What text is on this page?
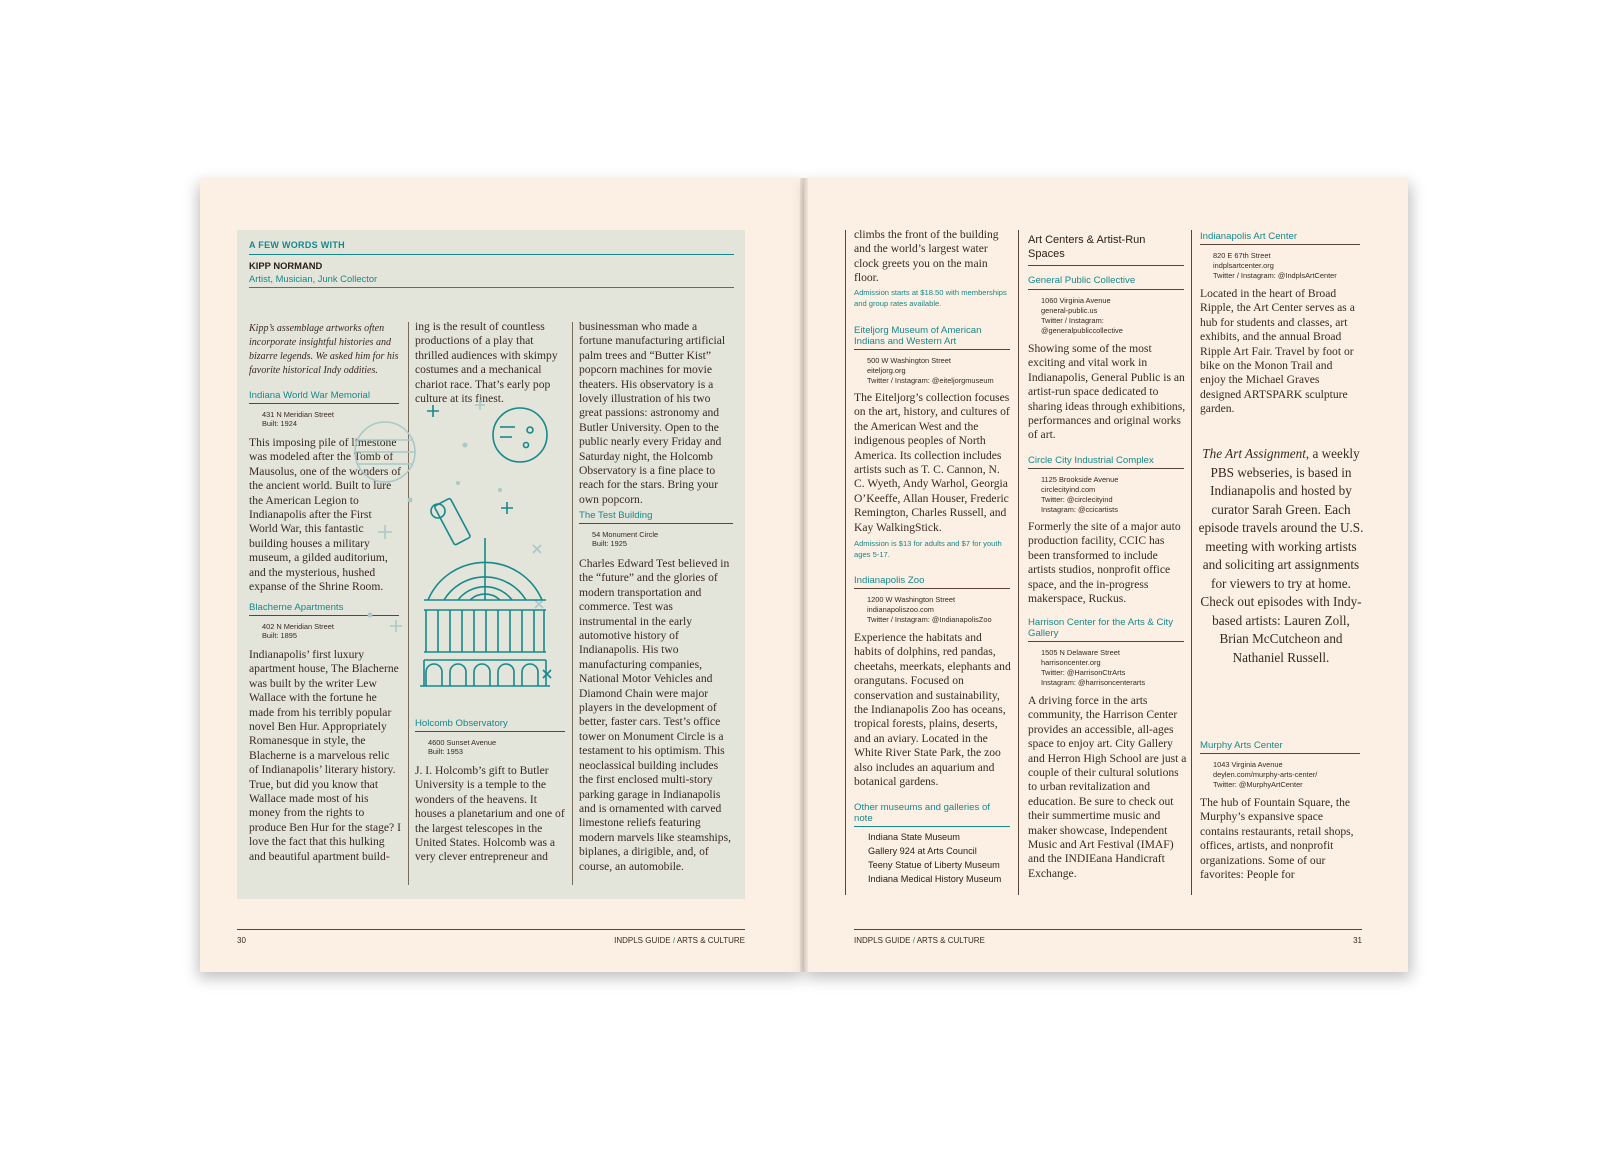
A FEW WORDS WITH
KIPP NORMAND
Artist, Musician, Junk Collector
Kipp’s assemblage artworks often incorporate insightful histories and bizarre legends. We asked him for his favorite historical Indy oddities.
Indiana World War Memorial
431 N Meridian Street
Built: 1924
This imposing pile of limestone was modeled after the Tomb of Mausolus, one of the wonders of the ancient world. Built to lure the American Legion to Indianapolis after the First World War, this fantastic building houses a military museum, a gilded auditorium, and the mysterious, hushed expanse of the Shrine Room.
Blacherne Apartments
402 N Meridian Street
Built: 1895
Indianapolis’ first luxury apartment house, The Blacherne was built by the writer Lew Wallace with the fortune he made from his terribly popular novel Ben Hur. Appropriately Romanesque in style, the Blacherne is a marvelous relic of Indianapolis’ literary history. True, but did you know that Wallace made most of his money from the rights to produce Ben Hur for the stage? I love the fact that this hulking and beautiful apartment build-
ing is the result of countless productions of a play that thrilled audiences with skimpy costumes and a mechanical chariot race. That’s early pop culture at its finest.
Holcomb Observatory
4600 Sunset Avenue
Built: 1953
J. I. Holcomb’s gift to Butler University is a temple to the wonders of the heavens. It houses a planetarium and one of the largest telescopes in the United States. Holcomb was a very clever entrepreneur and
businessman who made a fortune manufacturing artificial palm trees and “Butter Kist” popcorn machines for movie theaters. His observatory is a lovely illustration of his two great passions: astronomy and Butler University. Open to the public nearly every Friday and Saturday night, the Holcomb Observatory is a fine place to reach for the stars. Bring your own popcorn.
The Test Building
54 Monument Circle
Built: 1925
Charles Edward Test believed in the “future” and the glories of modern transportation and commerce. Test was instrumental in the early automotive history of Indianapolis. His two manufacturing companies, National Motor Vehicles and Diamond Chain were major players in the development of better, faster cars. Test’s office tower on Monument Circle is a testament to his optimism. This neoclassical building includes the first enclosed multi-story parking garage in Indianapolis and is ornamented with carved limestone reliefs featuring modern marvels like steamships, biplanes, a dirigible, and, of course, an automobile.
30	INDPLS GUIDE / ARTS & CULTURE
climbs the front of the building and the world’s largest water clock greets you on the main floor.
Admission starts at $18.50 with memberships and group rates available.
Eiteljorg Museum of American Indians and Western Art
500 W Washington Street
eiteljorg.org
Twitter / Instagram: @eiteljorgmuseum
The Eiteljorg’s collection focuses on the art, history, and cultures of the American West and the indigenous peoples of North America. Its collection includes artists such as T. C. Cannon, N. C. Wyeth, Andy Warhol, Georgia O’Keeffe, Allan Houser, Frederic Remington, Charles Russell, and Kay WalkingStick.
Admission is $13 for adults and $7 for youth ages 5-17.
Indianapolis Zoo
1200 W Washington Street
indianapoliszoo.com
Twitter / Instagram: @IndianapolisZoo
Experience the habitats and habits of dolphins, red pandas, cheetahs, meerkats, elephants and orangutans. Focused on conservation and sustainability, the Indianapolis Zoo has oceans, tropical forests, plains, deserts, and an aviary. Located in the White River State Park, the zoo also includes an aquarium and botanical gardens.
Other museums and galleries of note
Indiana State Museum
Gallery 924 at Arts Council
Teeny Statue of Liberty Museum
Indiana Medical History Museum
Art Centers & Artist-Run Spaces
General Public Collective
1060 Virginia Avenue
general-public.us
Twitter / Instagram:
@generalpubliccollective
Showing some of the most exciting and vital work in Indianapolis, General Public is an artist-run space dedicated to sharing ideas through exhibitions, performances and original works of art.
Circle City Industrial Complex
1125 Brookside Avenue
circlecityind.com
Twitter: @circlecityind
Instagram: @ccicartists
Formerly the site of a major auto production facility, CCIC has been transformed to include artists studios, nonprofit office space, and the in-progress makerspace, Ruckus.
Harrison Center for the Arts & City Gallery
1505 N Delaware Street
harrisoncenter.org
Twitter: @HarrisonCtrArts
Instagram: @harrisoncenterarts
A driving force in the arts community, the Harrison Center provides an accessible, all-ages space to enjoy art. City Gallery and Herron High School are just a couple of their cultural solutions to urban revitalization and education. Be sure to check out their summertime music and maker showcase, Independent Music and Art Festival (IMAF) and the INDIEana Handicraft Exchange.
Indianapolis Art Center
820 E 67th Street
indplsartcenter.org
Twitter / Instagram: @IndplsArtCenter
Located in the heart of Broad Ripple, the Art Center serves as a hub for students and classes, art exhibits, and the annual Broad Ripple Art Fair. Travel by foot or bike on the Monon Trail and enjoy the Michael Graves designed ARTSPARK sculpture garden.
The Art Assignment, a weekly PBS webseries, is based in Indianapolis and hosted by curator Sarah Green. Each episode travels around the U.S. meeting with working artists and soliciting art assignments for viewers to try at home. Check out episodes with Indy-based artists: Lauren Zoll, Brian McCutcheon and Nathaniel Russell.
Murphy Arts Center
1043 Virginia Avenue
deylen.com/murphy-arts-center/
Twitter: @MurphyArtCenter
The hub of Fountain Square, the Murphy’s expansive space contains restaurants, retail shops, offices, artists, and nonprofit organizations. Some of our favorites: People for
INDPLS GUIDE / ARTS & CULTURE	31
